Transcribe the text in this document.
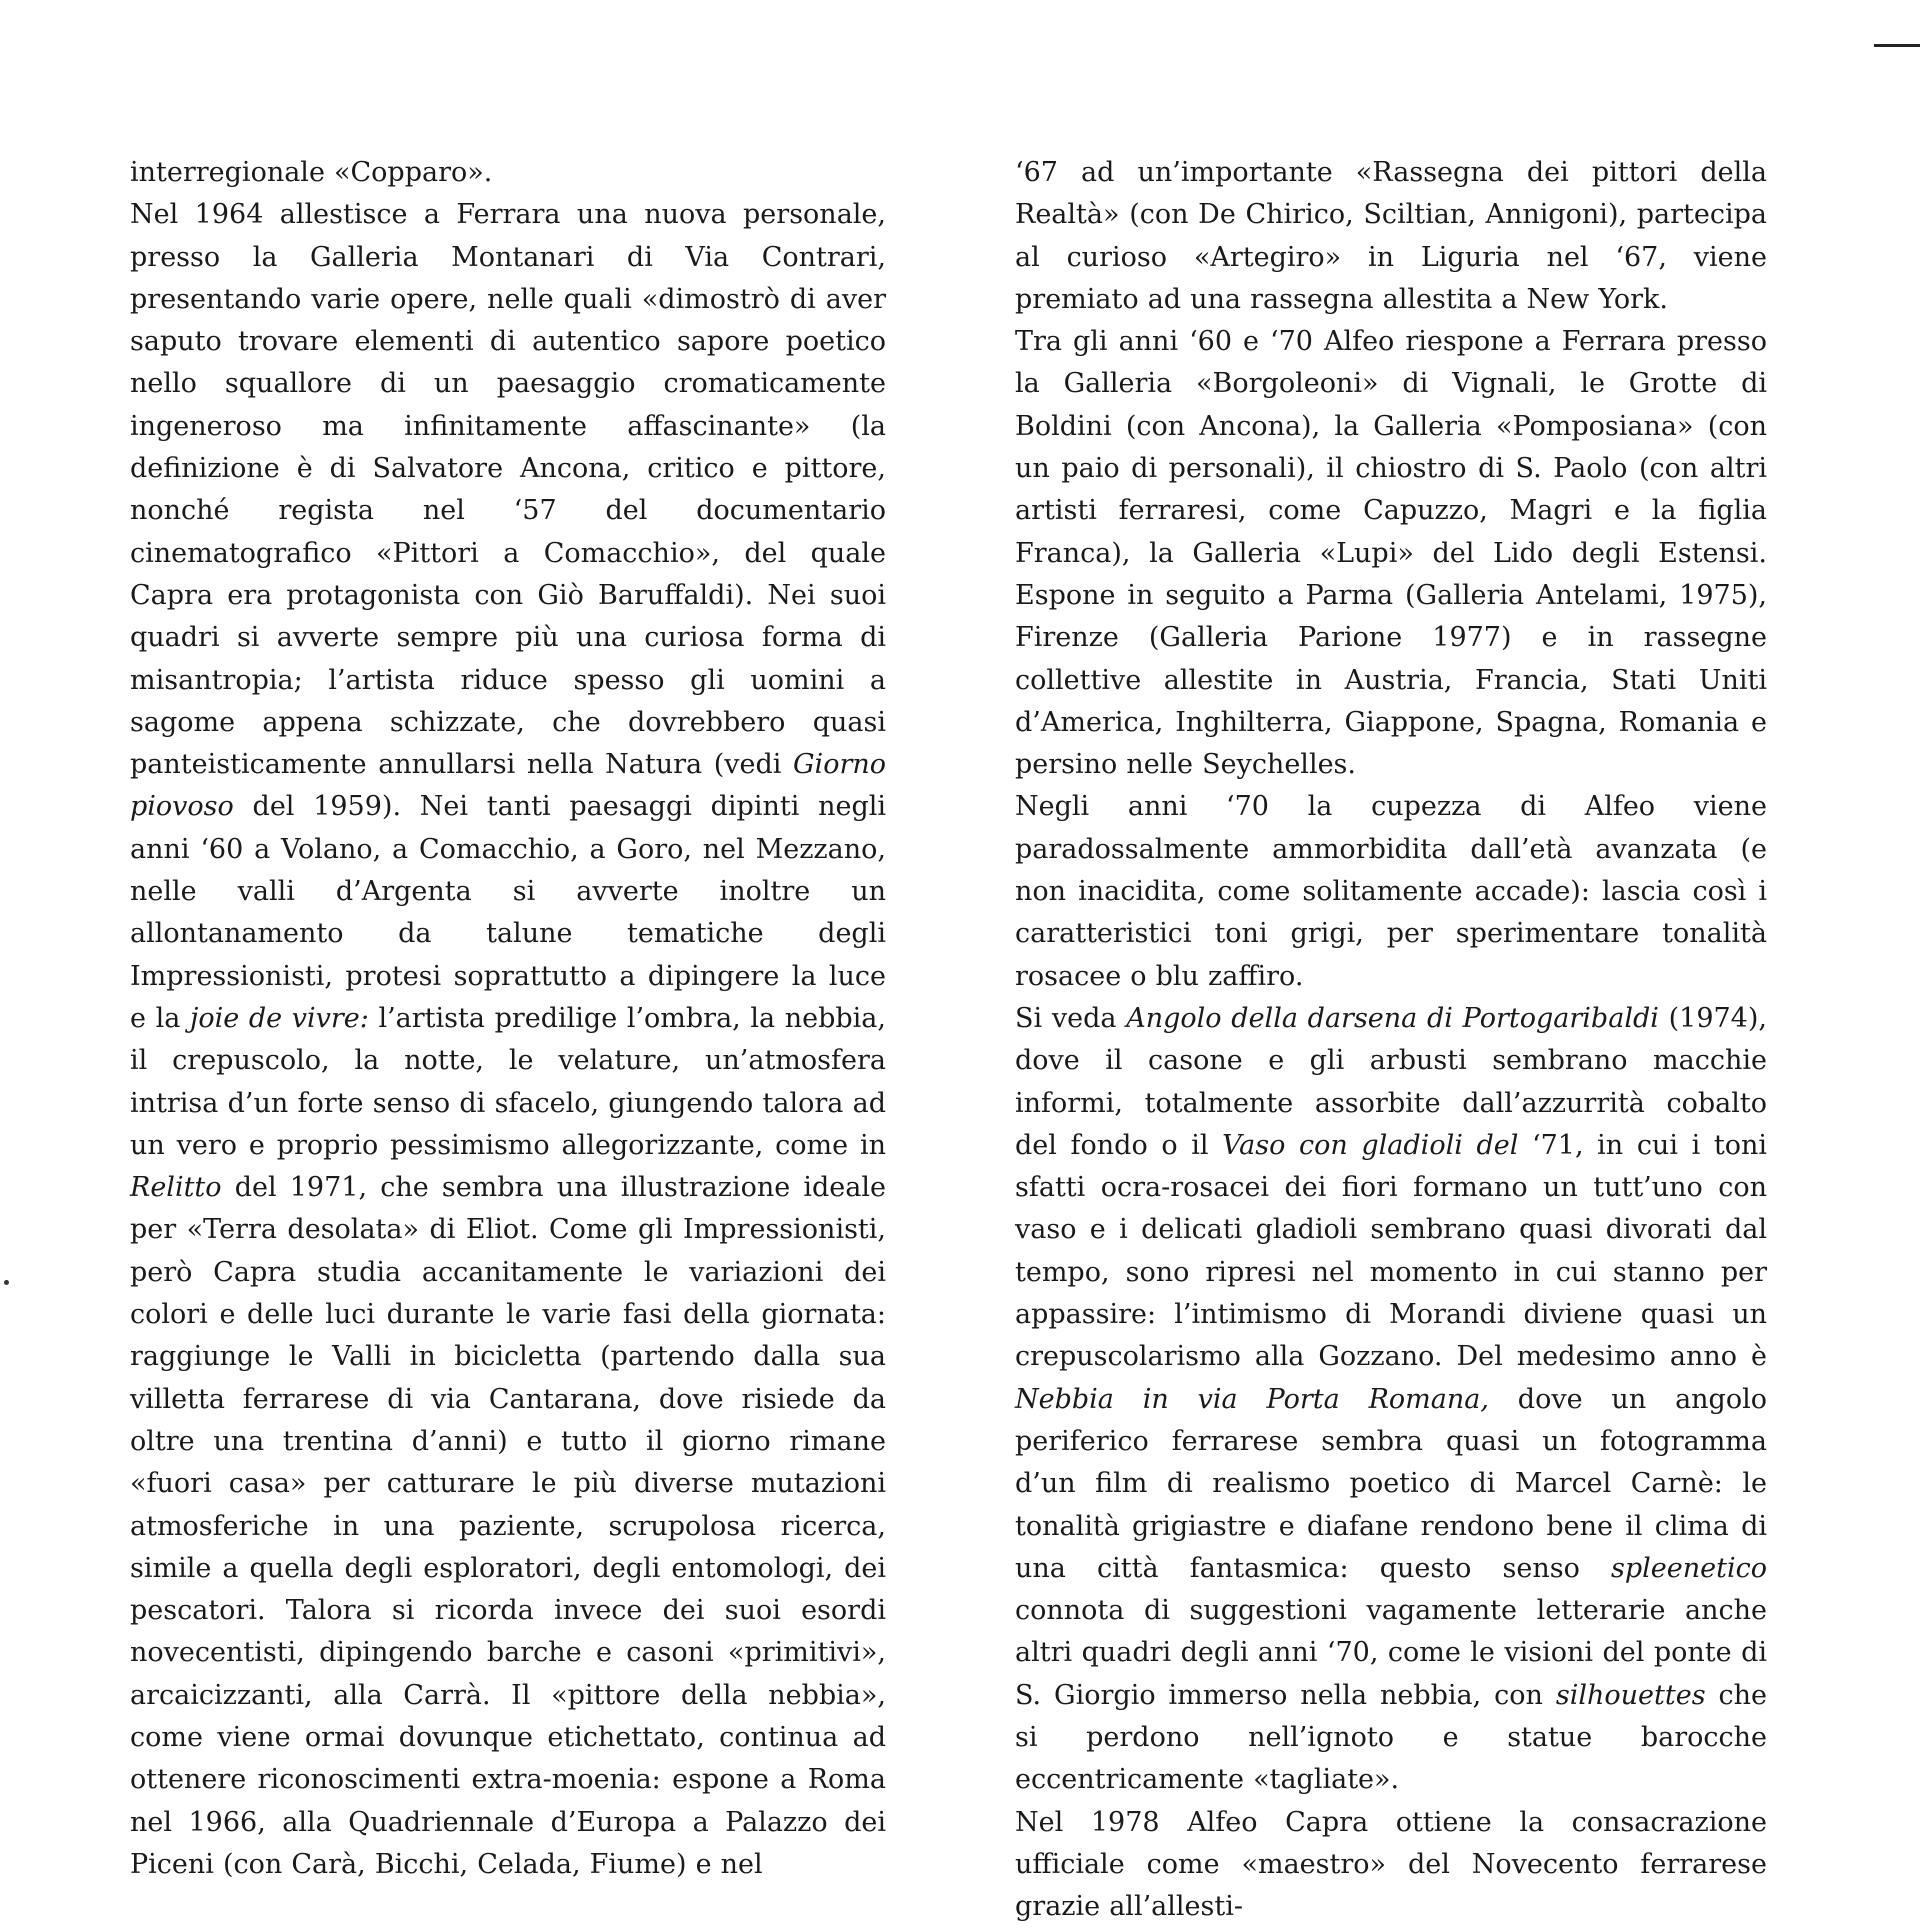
interregionale «Copparo».

Nel 1964 allestisce a Ferrara una nuova personale, presso la Galleria Montanari di Via Contrari, presentando varie opere, nelle quali «dimostrò di aver saputo trovare elementi di autentico sapore poetico nello squallore di un paesaggio cromaticamente ingeneroso ma infinitamente affascinante» (la definizione è di Salvatore Ancona, critico e pittore, nonché regista nel ‘57 del documentario cinematografico «Pittori a Comacchio», del quale Capra era protagonista con Giò Baruffaldi). Nei suoi quadri si avverte sempre più una curiosa forma di misantropia; l’artista riduce spesso gli uomini a sagome appena schizzate, che dovrebbero quasi panteisticamente annullarsi nella Natura (vedi Giorno piovoso del 1959). Nei tanti paesaggi dipinti negli anni ‘60 a Volano, a Comacchio, a Goro, nel Mezzano, nelle valli d’Argenta si avverte inoltre un allontanamento da talune tematiche degli Impressionisti, protesi soprattutto a dipingere la luce e la joie de vivre: l’artista predilige l’ombra, la nebbia, il crepuscolo, la notte, le velature, un’atmosfera intrisa d’un forte senso di sfacelo, giungendo talora ad un vero e proprio pessimismo allegorizzante, come in Relitto del 1971, che sembra una illustrazione ideale per «Terra desolata» di Eliot. Come gli Impressionisti, però Capra studia accanitamente le variazioni dei colori e delle luci durante le varie fasi della giornata: raggiunge le Valli in bicicletta (partendo dalla sua villetta ferrarese di via Cantarana, dove risiede da oltre una trentina d’anni) e tutto il giorno rimane «fuori casa» per catturare le più diverse mutazioni atmosferiche in una paziente, scrupolosa ricerca, simile a quella degli esploratori, degli entomologi, dei pescatori. Talora si ricorda invece dei suoi esordi novecentisti, dipingendo barche e casoni «primitivi», arcaicizzanti, alla Carrà. Il «pittore della nebbia», come viene ormai dovunque etichettato, continua ad ottenere riconoscimenti extra-moenia: espone a Roma nel 1966, alla Quadriennale d’Europa a Palazzo dei Piceni (con Carà, Bicchi, Celada, Fiume) e nel

‘67 ad un’importante «Rassegna dei pittori della Realtà» (con De Chirico, Sciltian, Annigoni), partecipa al curioso «Artegiro» in Liguria nel ‘67, viene premiato ad una rassegna allestita a New York.

Tra gli anni ‘60 e ‘70 Alfeo riespone a Ferrara presso la Galleria «Borgoleoni» di Vignali, le Grotte di Boldini (con Ancona), la Galleria «Pomposiana» (con un paio di personali), il chiostro di S. Paolo (con altri artisti ferraresi, come Capuzzo, Magri e la figlia Franca), la Galleria «Lupi» del Lido degli Estensi. Espone in seguito a Parma (Galleria Antelami, 1975), Firenze (Galleria Parione 1977) e in rassegne collettive allestite in Austria, Francia, Stati Uniti d’America, Inghilterra, Giappone, Spagna, Romania e persino nelle Seychelles.

Negli anni ‘70 la cupezza di Alfeo viene paradossalmente ammorbidita dall’età avanzata (e non inacidita, come solitamente accade): lascia così i caratteristici toni grigi, per sperimentare tonalità rosacee o blu zaffiro.

Si veda Angolo della darsena di Portogaribaldi (1974), dove il casone e gli arbusti sembrano macchie informi, totalmente assorbite dall’azzurrità cobalto del fondo o il Vaso con gladioli del ‘71, in cui i toni sfatti ocra-rosacei dei fiori formano un tutt’uno con vaso e i delicati gladioli sembrano quasi divorati dal tempo, sono ripresi nel momento in cui stanno per appassire: l’intimismo di Morandi diviene quasi un crepuscolarismo alla Gozzano. Del medesimo anno è Nebbia in via Porta Romana, dove un angolo periferico ferrarese sembra quasi un fotogramma d’un film di realismo poetico di Marcel Carnè: le tonalità grigiastre e diafane rendono bene il clima di una città fantasmica: questo senso spleenetico connota di suggestioni vagamente letterarie anche altri quadri degli anni ‘70, come le visioni del ponte di S. Giorgio immerso nella nebbia, con silhouettes che si perdono nell’ignoto e statue barocche eccentricamente «tagliate».

Nel 1978 Alfeo Capra ottiene la consacrazione ufficiale come «maestro» del Novecento ferrarese grazie all’allesti-
